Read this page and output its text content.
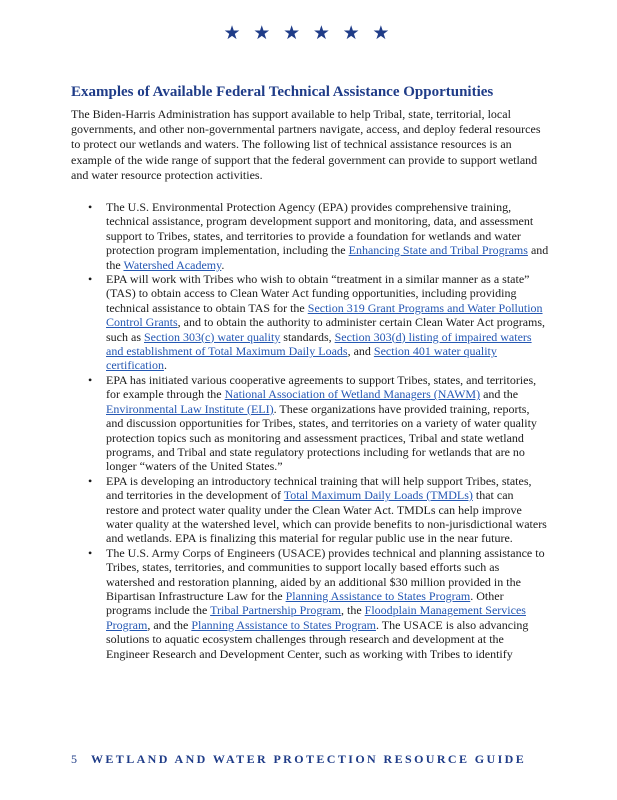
★ ★ ★ ★ ★ ★
Examples of Available Federal Technical Assistance Opportunities

The Biden-Harris Administration has support available to help Tribal, state, territorial, local governments, and other non-governmental partners navigate, access, and deploy federal resources to protect our wetlands and waters. The following list of technical assistance resources is an example of the wide range of support that the federal government can provide to support wetland and water resource protection activities.

• The U.S. Environmental Protection Agency (EPA) provides comprehensive training, technical assistance, program development support and monitoring, data, and assessment support to Tribes, states, and territories to provide a foundation for wetlands and water protection program implementation, including the Enhancing State and Tribal Programs and the Watershed Academy.
• EPA will work with Tribes who wish to obtain “treatment in a similar manner as a state” (TAS) to obtain access to Clean Water Act funding opportunities, including providing technical assistance to obtain TAS for the Section 319 Grant Programs and Water Pollution Control Grants, and to obtain the authority to administer certain Clean Water Act programs, such as Section 303(c) water quality standards, Section 303(d) listing of impaired waters and establishment of Total Maximum Daily Loads, and Section 401 water quality certification.
• EPA has initiated various cooperative agreements to support Tribes, states, and territories, for example through the National Association of Wetland Managers (NAWM) and the Environmental Law Institute (ELI). These organizations have provided training, reports, and discussion opportunities for Tribes, states, and territories on a variety of water quality protection topics such as monitoring and assessment practices, Tribal and state wetland programs, and Tribal and state regulatory protections including for wetlands that are no longer “waters of the United States.”
• EPA is developing an introductory technical training that will help support Tribes, states, and territories in the development of Total Maximum Daily Loads (TMDLs) that can restore and protect water quality under the Clean Water Act. TMDLs can help improve water quality at the watershed level, which can provide benefits to non-jurisdictional waters and wetlands. EPA is finalizing this material for regular public use in the near future.
• The U.S. Army Corps of Engineers (USACE) provides technical and planning assistance to Tribes, states, territories, and communities to support locally based efforts such as watershed and restoration planning, aided by an additional $30 million provided in the Bipartisan Infrastructure Law for the Planning Assistance to States Program. Other programs include the Tribal Partnership Program, the Floodplain Management Services Program, and the Planning Assistance to States Program. The USACE is also advancing solutions to aquatic ecosystem challenges through research and development at the Engineer Research and Development Center, such as working with Tribes to identify
5 WETLAND AND WATER PROTECTION RESOURCE GUIDE
